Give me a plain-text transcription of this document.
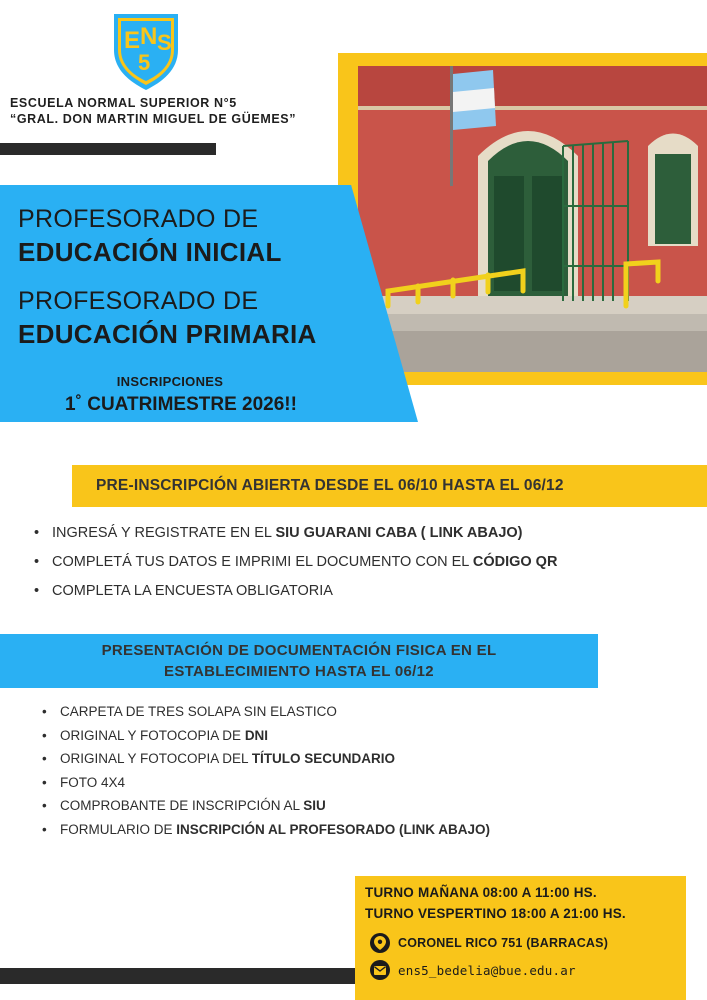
E N
5
S
ESCUELA NORMAL SUPERIOR N°5
“GRAL. DON MARTIN MIGUEL DE GÜEMES”
PROFESORADO DE
EDUCACIÓN INICIAL
PROFESORADO DE
EDUCACIÓN PRIMARIA
INSCRIPCIONES
1˚ CUATRIMESTRE 2026!!
PRE-INSCRIPCIÓN ABIERTA DESDE EL 06/10 HASTA EL 06/12
• INGRESÁ Y REGISTRATE EN EL SIU GUARANI CABA ( LINK ABAJO)
• COMPLETÁ TUS DATOS E IMPRIMI EL DOCUMENTO CON EL CÓDIGO QR
• COMPLETA LA ENCUESTA OBLIGATORIA
PRESENTACIÓN DE DOCUMENTACIÓN FISICA EN EL
ESTABLECIMIENTO HASTA EL 06/12
• CARPETA DE TRES SOLAPA SIN ELASTICO
• ORIGINAL Y FOTOCOPIA DE DNI
• ORIGINAL Y FOTOCOPIA DEL TÍTULO SECUNDARIO
• FOTO 4X4
• COMPROBANTE DE INSCRIPCIÓN AL SIU
• FORMULARIO DE INSCRIPCIÓN AL PROFESORADO (LINK ABAJO)
TURNO MAÑANA 08:00 A 11:00 HS.
TURNO VESPERTINO 18:00 A 21:00 HS.
CORONEL RICO 751 (BARRACAS)
ens5_bedelia@bue.edu.ar
